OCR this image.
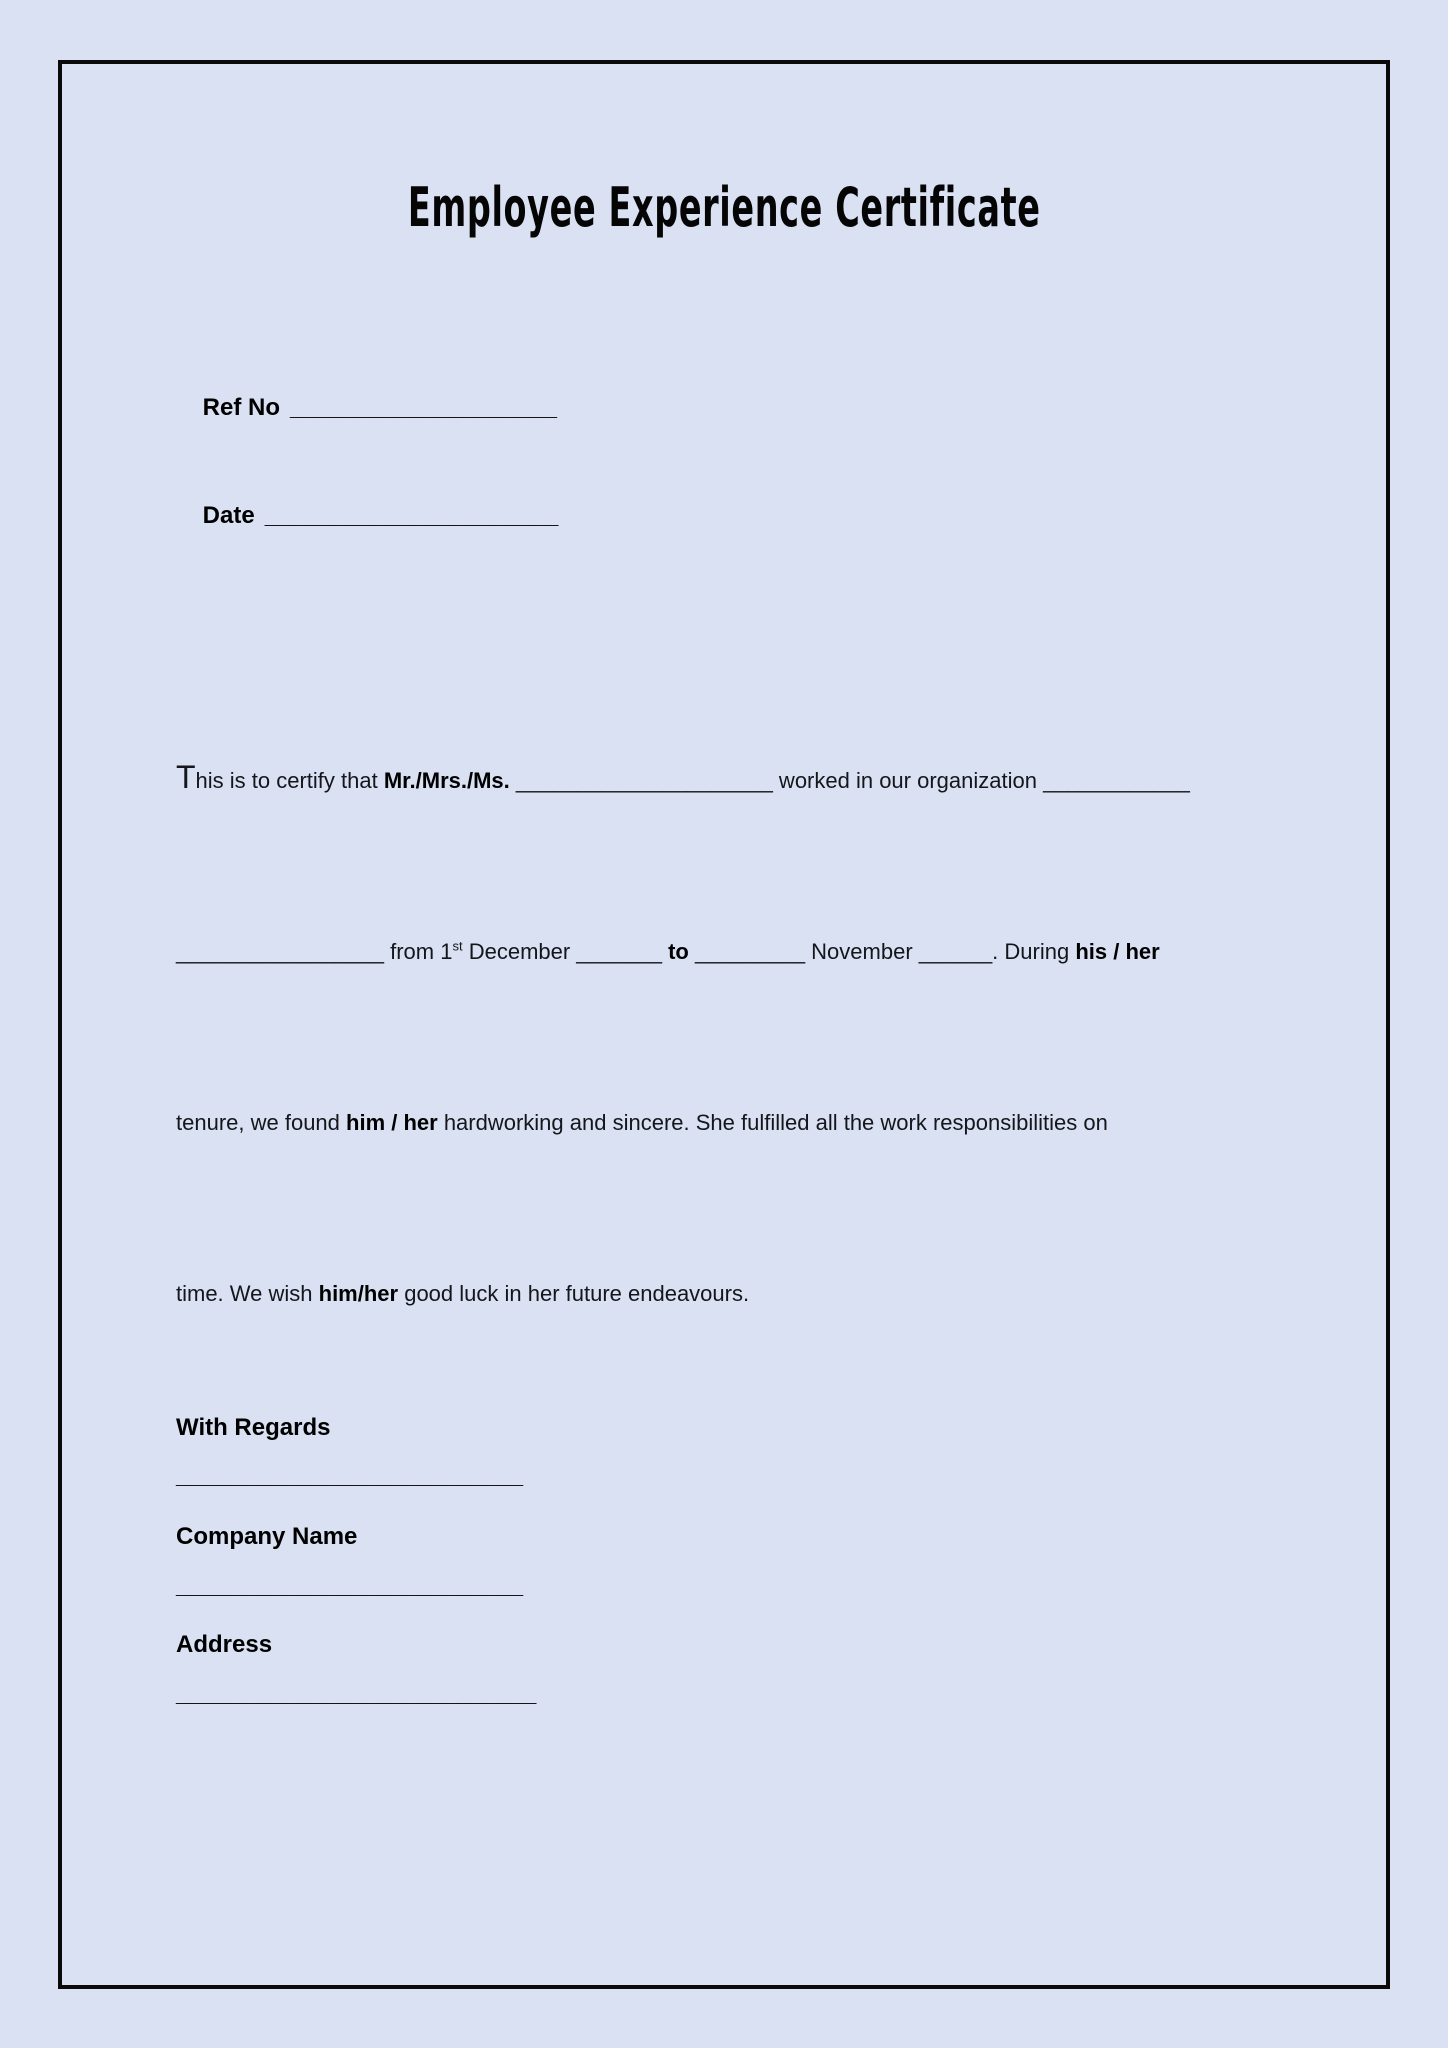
Employee Experience Certificate

Ref No ____________________

Date ______________________

This is to certify that Mr./Mrs./Ms. _____________________ worked in our organization ____________

_________________ from 1st December _______ to _________ November ______. During his / her

tenure, we found him / her hardworking and sincere. She fulfilled all the work responsibilities on

time. We wish him/her good luck in her future endeavours.

With Regards
__________________________
Company Name
__________________________
Address
___________________________
